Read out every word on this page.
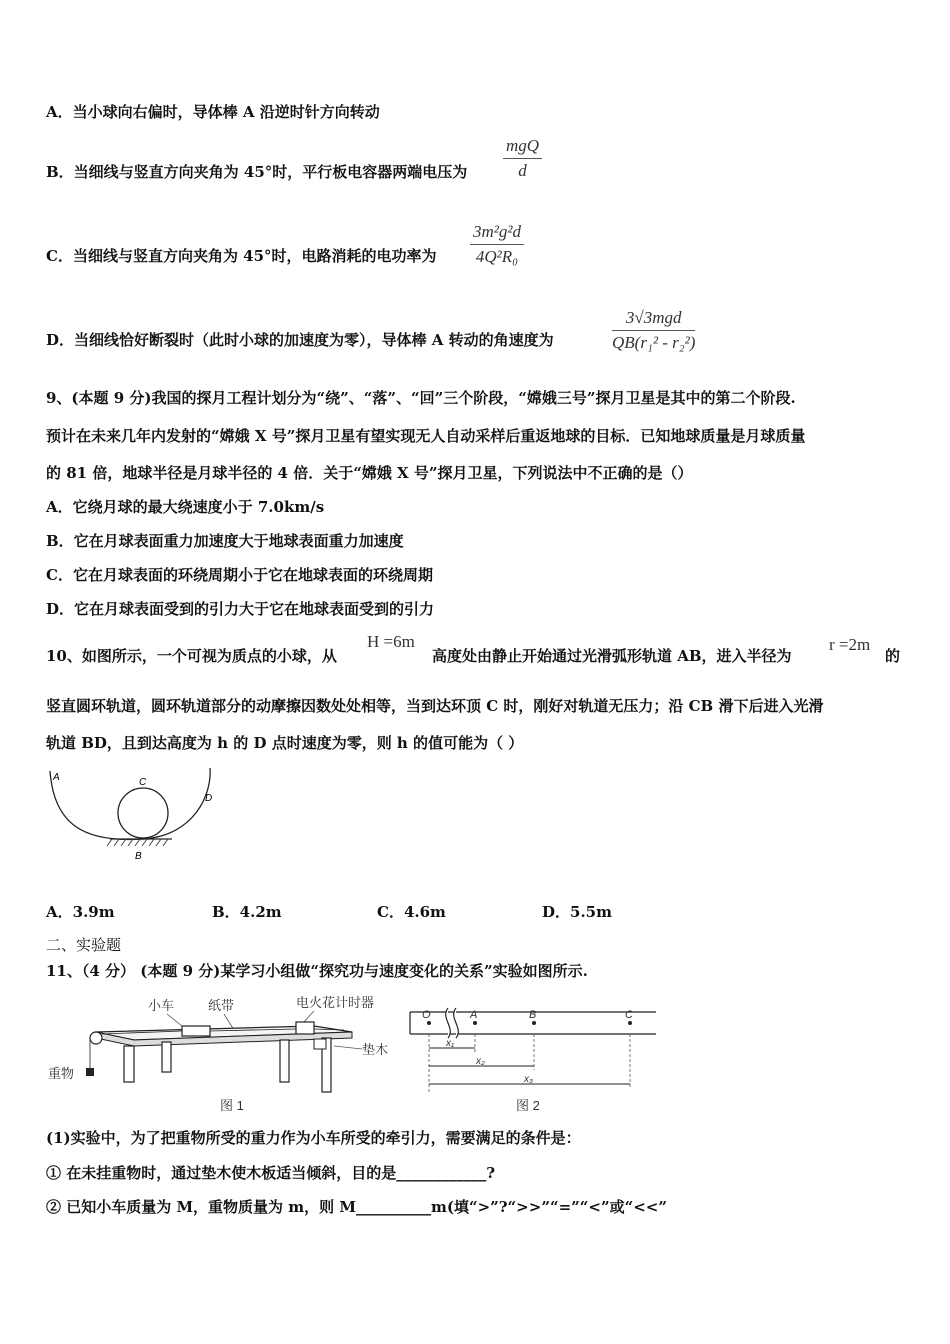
A．当小球向右偏时，导体棒 A 沿逆时针方向转动
B．当细线与竖直方向夹角为 45°时，平行板电容器两端电压为
mgQ
d
C．当细线与竖直方向夹角为 45°时，电路消耗的电功率为 $\frac{\text{3m²g²d}}{\text{4Q²R₀}}$
D．当细线恰好断裂时（此时小球的加速度为零），导体棒 A 转动的角速度为
3√3mgd
QB(r₁² - r₂²)
9、(本题 9 分)我国的探月工程计划分为“绕”、“落”、“回”三个阶段，“嫦娥三号”探月卫星是其中的第二个阶段.
预计在未来几年内发射的“嫦娥 X 号”探月卫星有望实现无人自动采样后重返地球的目标．已知地球质量是月球质量
的 81 倍，地球半径是月球半径的 4 倍．关于“嫦娥 X 号”探月卫星，下列说法中不正确的是（）
A．它绕月球的最大绕速度小于 7.0km/s
B．它在月球表面重力加速度大于地球表面重力加速度
C．它在月球表面的环绕周期小于它在地球表面的环绕周期
D．它在月球表面受到的引力大于它在地球表面受到的引力
10、如图所示，一个可视为质点的小球，从
H =6m
高度处由静止开始通过光滑弧形轨道 AB，进入半径为
r =2m
的
竖直圆环轨道，圆环轨道部分的动摩擦因数处处相等，当到达环顶 C 时，刚好对轨道无压力；沿 CB 滑下后进入光滑
轨道 BD，且到达高度为 h 的 D 点时速度为零，则 h 的值可能为（ ）
A	C
D
B
A．3.9m	B．4.2m	C．4.6m	D．5.5m
二、实验题
11、（4 分） (本题 9 分)某学习小组做“探究功与速度变化的关系”实验如图所示.
小车	纸带	电火花计时器
垫木
重物
图 1
O	A	B	C
x₁
x₂
x₃
图 2
(1)实验中，为了把重物所受的重力作为小车所受的牵引力，需要满足的条件是：
① 在未挂重物时，通过垫木使木板适当倾斜，目的是____________?
② 已知小车质量为 M，重物质量为 m，则 M__________m(填“>”?“>>”“=”“<”或“<<”
